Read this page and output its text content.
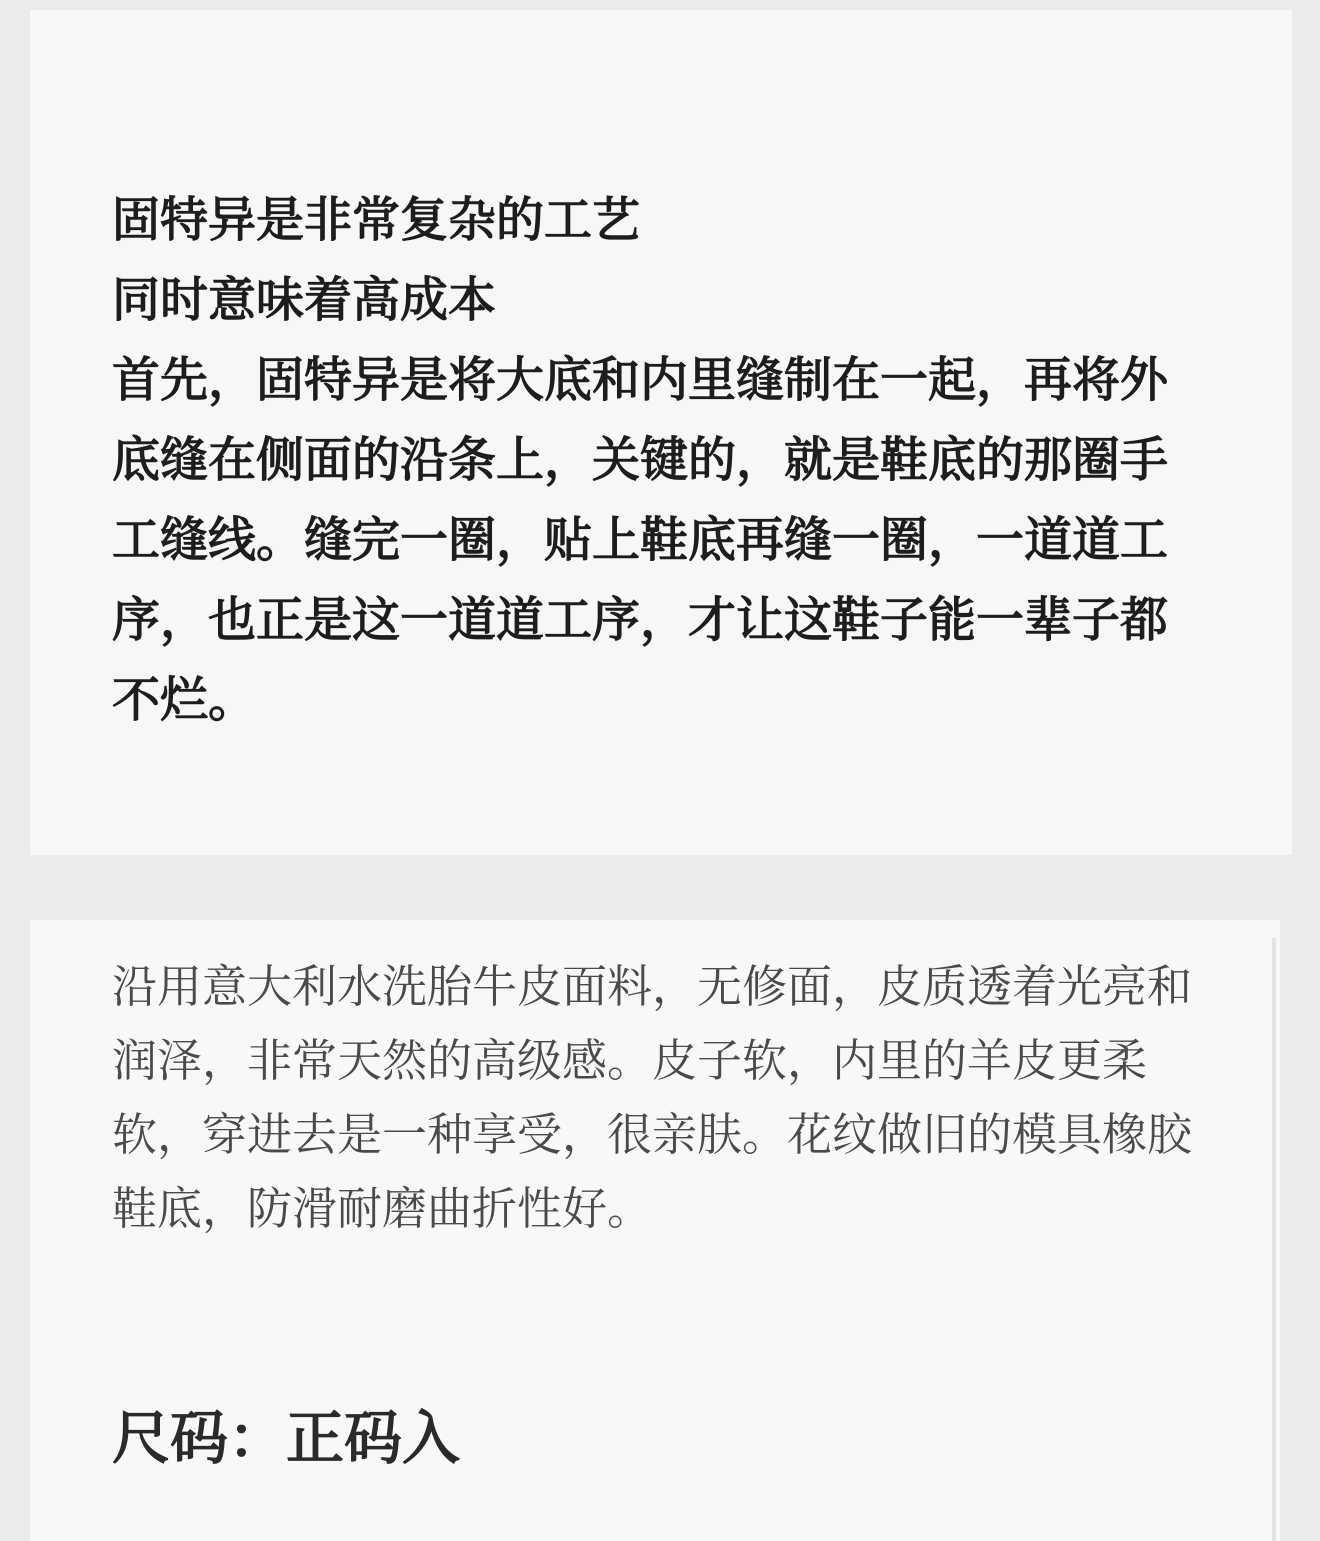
固特异是非常复杂的工艺

同时意味着高成本

首先，固特异是将大底和内里缝制在一起，再将外底缝在侧面的沿条上，关键的，就是鞋底的那圈手工缝线。缝完一圈，贴上鞋底再缝一圈，一道道工序，也正是这一道道工序，才让这鞋子能一辈子都不烂。

沿用意大利水洗胎牛皮面料，无修面，皮质透着光亮和润泽，非常天然的高级感。皮子软，内里的羊皮更柔软，穿进去是一种享受，很亲肤。花纹做旧的模具橡胶鞋底，防滑耐磨曲折性好。

尺码：正码入
